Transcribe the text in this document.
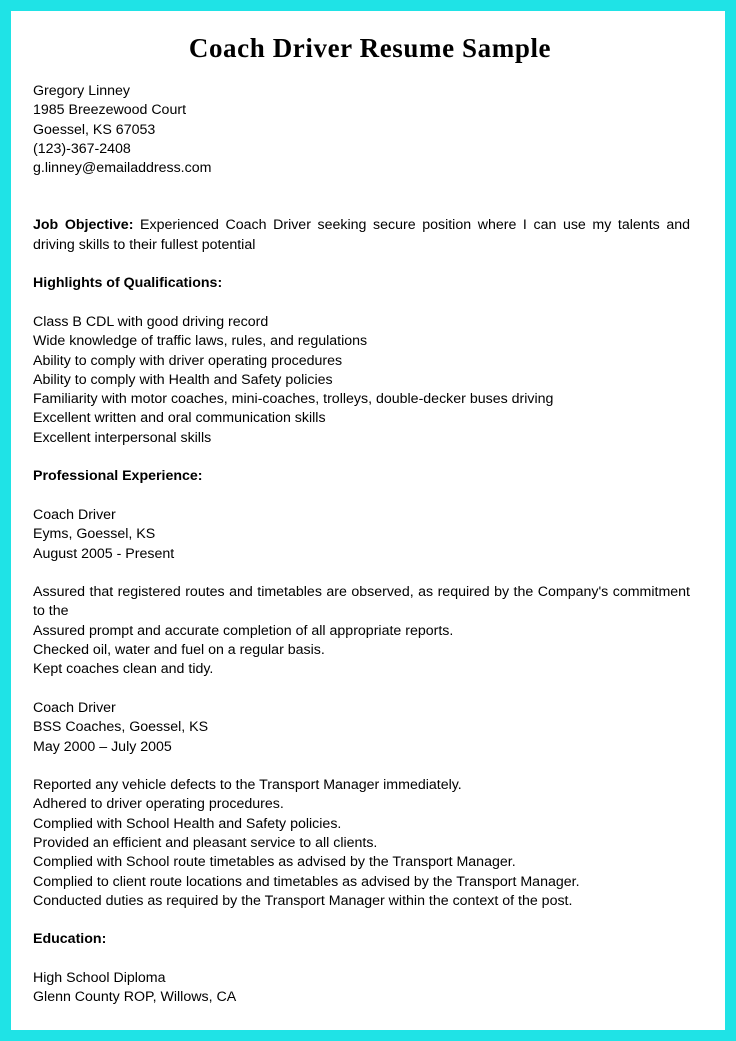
Coach Driver Resume Sample

Gregory Linney

1985 Breezewood Court

Goessel, KS 67053

(123)-367-2408

g.linney@emailaddress.com

Job Objective: Experienced Coach Driver seeking secure position where I can use my talents and driving skills to their fullest potential

Highlights of Qualifications:

Class B CDL with good driving record

Wide knowledge of traffic laws, rules, and regulations

Ability to comply with driver operating procedures

Ability to comply with Health and Safety policies

Familiarity with motor coaches, mini-coaches, trolleys, double-decker buses driving

Excellent written and oral communication skills

Excellent interpersonal skills

Professional Experience:

Coach Driver

Eyms, Goessel, KS

August 2005 - Present

Assured that registered routes and timetables are observed, as required by the Company's commitment to the

Assured prompt and accurate completion of all appropriate reports.

Checked oil, water and fuel on a regular basis.

Kept coaches clean and tidy.

Coach Driver

BSS Coaches, Goessel, KS

May 2000 – July 2005

Reported any vehicle defects to the Transport Manager immediately.

Adhered to driver operating procedures.

Complied with School Health and Safety policies.

Provided an efficient and pleasant service to all clients.

Complied with School route timetables as advised by the Transport Manager.

Complied to client route locations and timetables as advised by the Transport Manager.

Conducted duties as required by the Transport Manager within the context of the post.

Education:

High School Diploma

Glenn County ROP, Willows, CA
